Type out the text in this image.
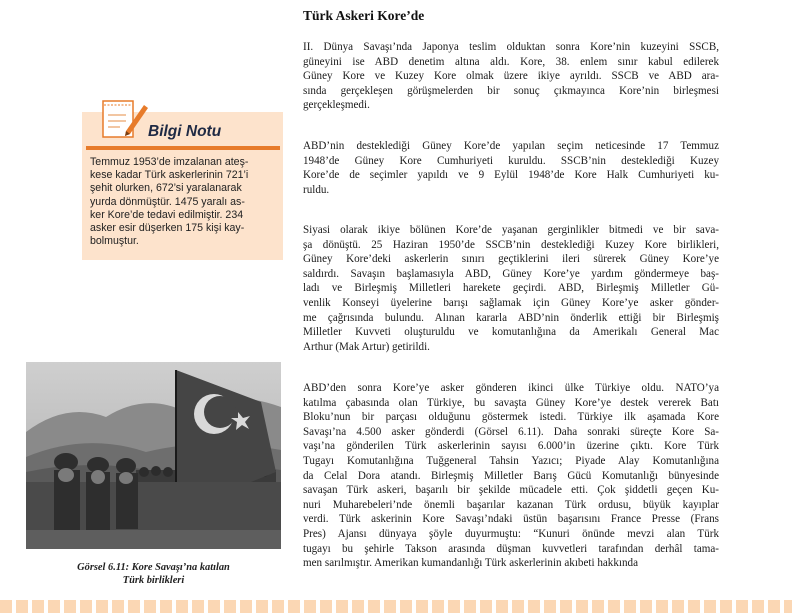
Bilgi Notu
Temmuz 1953’de imzalanan ateş-
kese kadar Türk askerlerinin 721’i
şehit olurken, 672’si yaralanarak
yurda dönmüştür. 1475 yaralı as-
ker Kore’de tedavi edilmiştir. 234
asker esir düşerken 175 kişi kay-
bolmuştur.
Görsel 6.11: Kore Savaşı’na katılan
Türk birlikleri
Türk Askeri Kore’de
II. Dünya Savaşı’nda Japonya teslim olduktan sonra Kore’nin kuzeyini SSCB,
güneyini ise ABD denetim altına aldı. Kore, 38. enlem sınır kabul edilerek
Güney Kore ve Kuzey Kore olmak üzere ikiye ayrıldı. SSCB ve ABD ara-
sında gerçekleşen görüşmelerden bir sonuç çıkmayınca Kore’nin birleşmesi
gerçekleşmedi.
ABD’nin desteklediği Güney Kore’de yapılan seçim neticesinde 17 Temmuz
1948’de Güney Kore Cumhuriyeti kuruldu. SSCB’nin desteklediği Kuzey
Kore’de de seçimler yapıldı ve 9 Eylül 1948’de Kore Halk Cumhuriyeti ku-
ruldu.
Siyasi olarak ikiye bölünen Kore’de yaşanan gerginlikler bitmedi ve bir sava-
şa dönüştü. 25 Haziran 1950’de SSCB’nin desteklediği Kuzey Kore birlikleri,
Güney Kore’deki askerlerin sınırı geçtiklerini ileri sürerek Güney Kore’ye
saldırdı. Savaşın başlamasıyla ABD, Güney Kore’ye yardım göndermeye baş-
ladı ve Birleşmiş Milletleri harekete geçirdi. ABD, Birleşmiş Milletler Gü-
venlik Konseyi üyelerine barışı sağlamak için Güney Kore’ye asker gönder-
me çağrısında bulundu. Alınan kararla ABD’nin önderlik ettiği bir Birleşmiş
Milletler Kuvveti oluşturuldu ve komutanlığına da Amerikalı General Mac
Arthur (Mak Artur) getirildi.
ABD’den sonra Kore’ye asker gönderen ikinci ülke Türkiye oldu. NATO’ya
katılma çabasında olan Türkiye, bu savaşta Güney Kore’ye destek vererek Batı
Bloku’nun bir parçası olduğunu göstermek istedi. Türkiye ilk aşamada Kore
Savaşı’na 4.500 asker gönderdi (Görsel 6.11). Daha sonraki süreçte Kore Sa-
vaşı’na gönderilen Türk askerlerinin sayısı 6.000’in üzerine çıktı. Kore Türk
Tugayı Komutanlığına Tuğgeneral Tahsin Yazıcı; Piyade Alay Komutanlığına
da Celal Dora atandı. Birleşmiş Milletler Barış Gücü Komutanlığı bünyesinde
savaşan Türk askeri, başarılı bir şekilde mücadele etti. Çok şiddetli geçen Ku-
nuri Muharebeleri’nde önemli başarılar kazanan Türk ordusu, büyük kayıplar
verdi. Türk askerinin Kore Savaşı’ndaki üstün başarısını France Presse (Frans
Pres) Ajansı dünyaya şöyle duyurmuştu: “Kunuri önünde mevzi alan Türk
tugayı bu şehirle Takson arasında düşman kuvvetleri tarafından derhâl tama-
men sarılmıştır. Amerikan kumandanlığı Türk askerlerinin akıbeti hakkında
